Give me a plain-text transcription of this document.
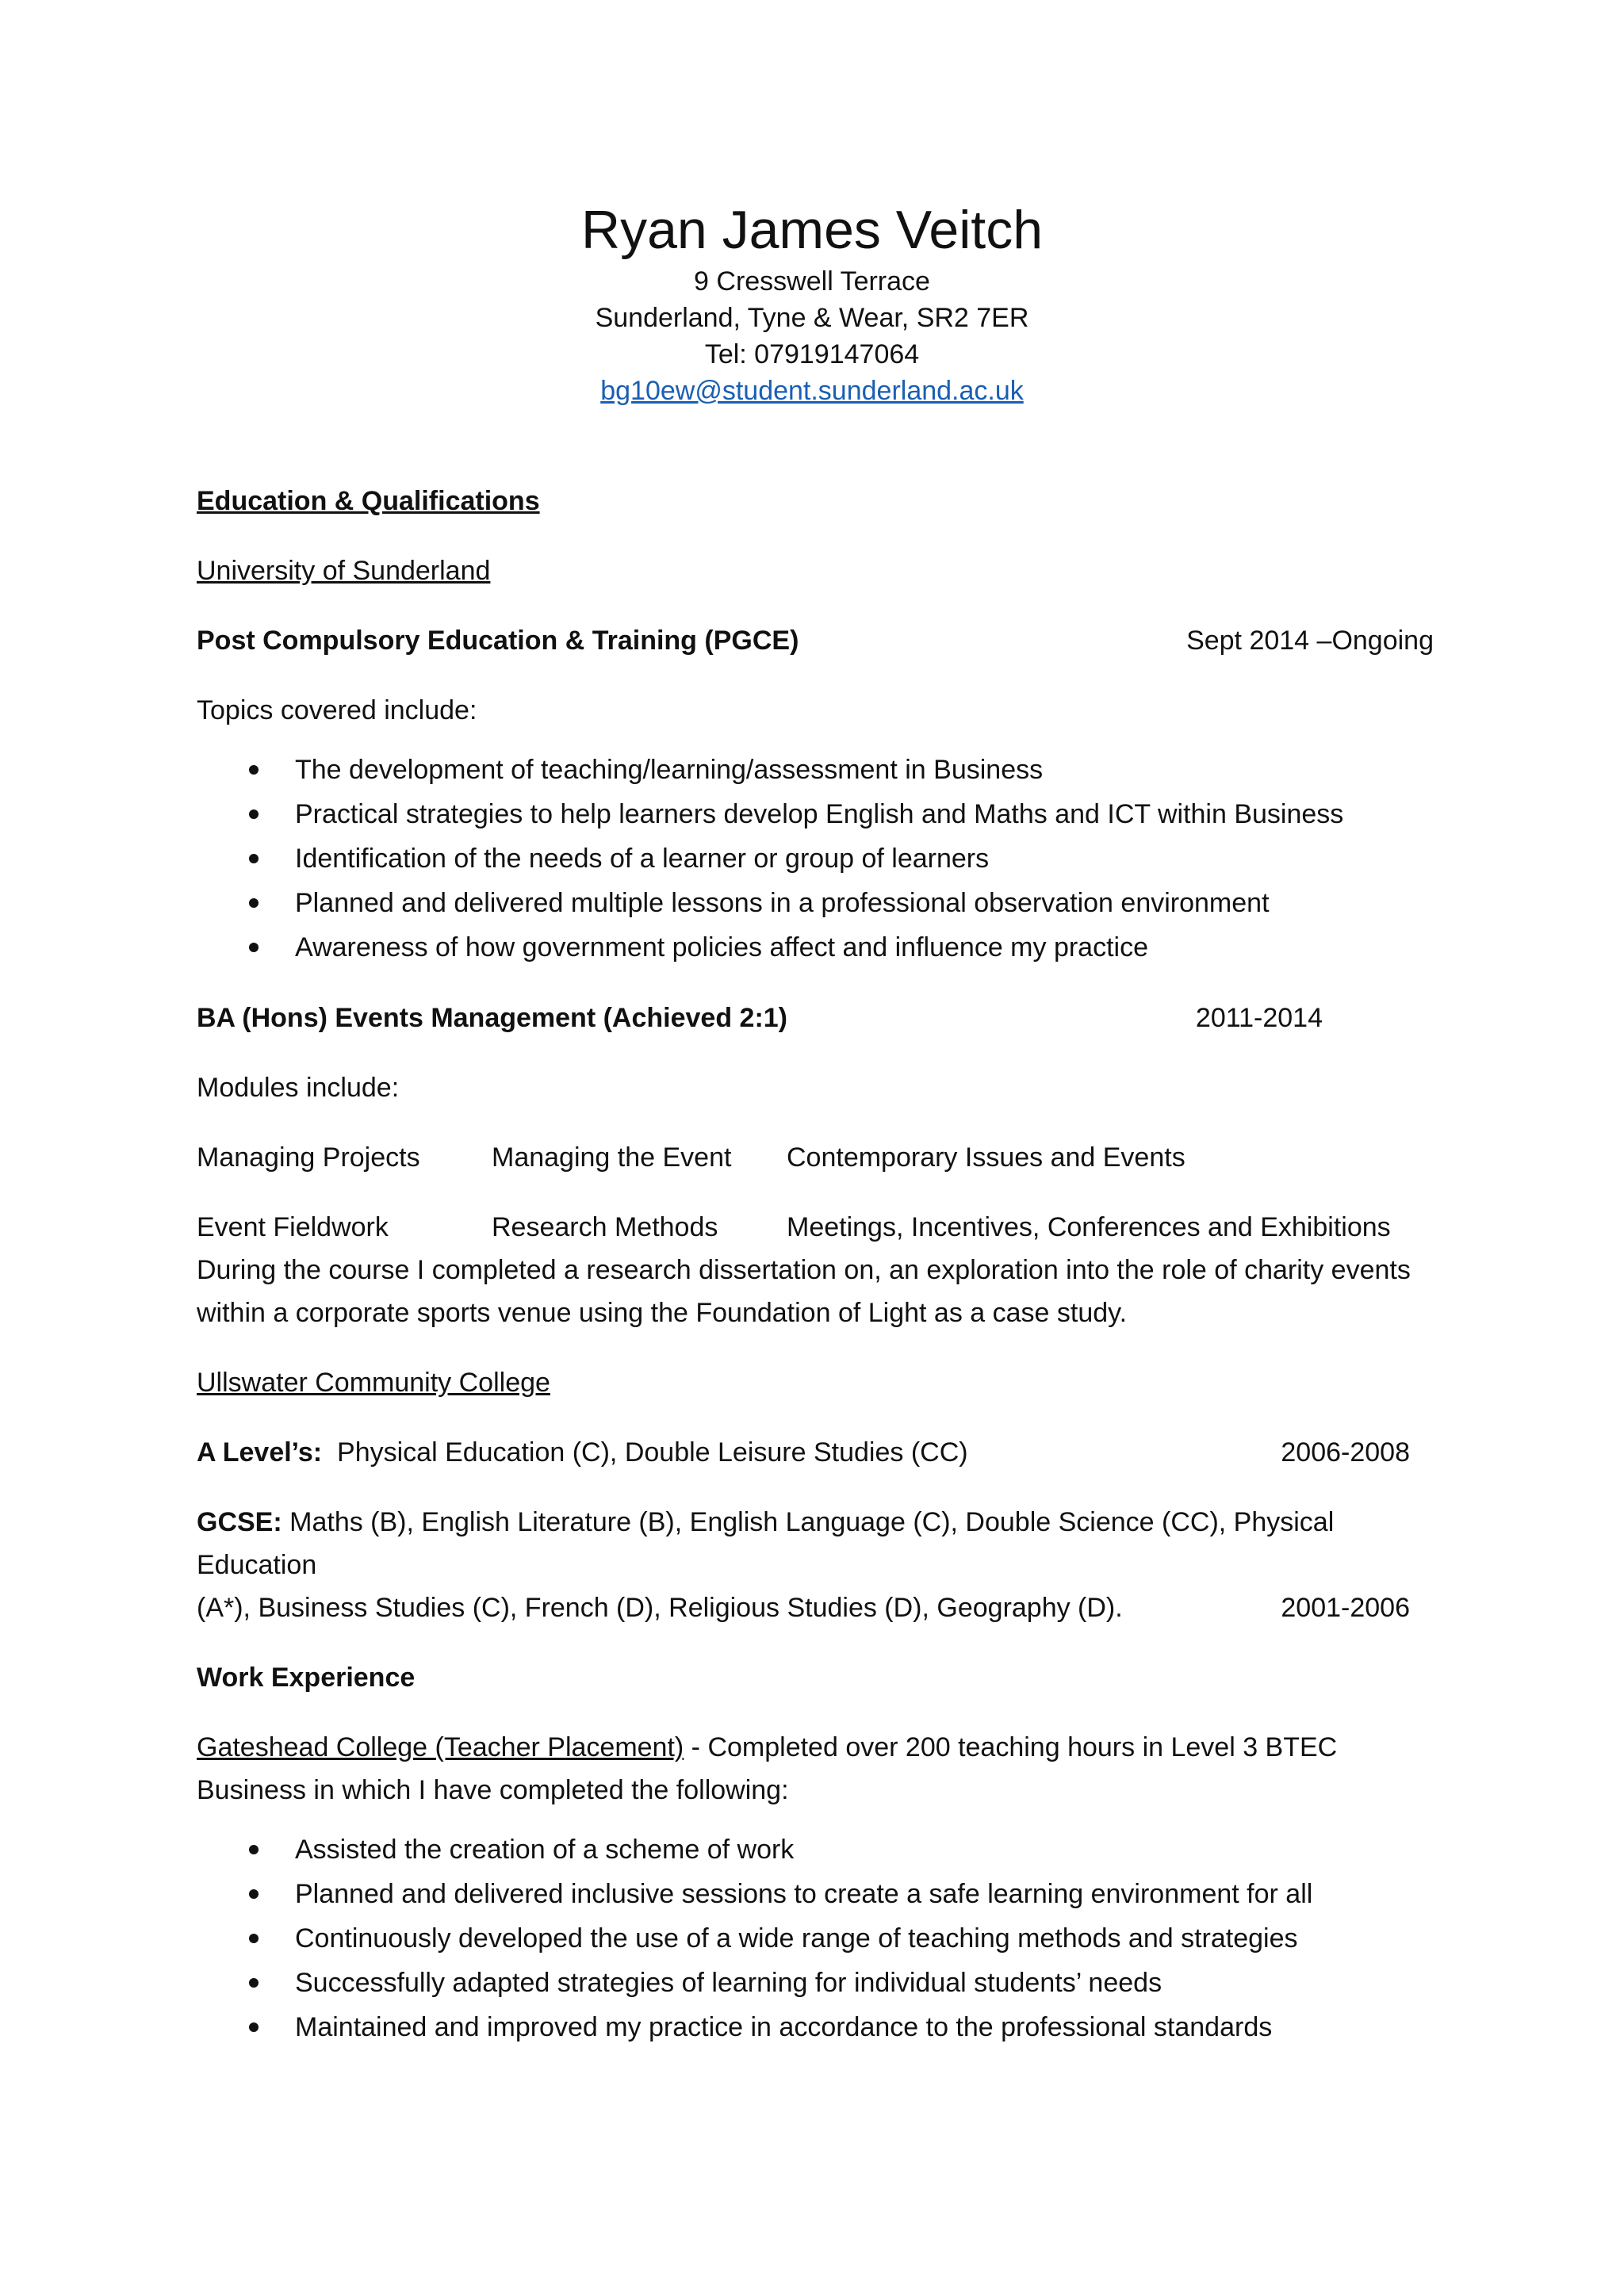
Ryan James Veitch

9 Cresswell Terrace

Sunderland, Tyne & Wear, SR2 7ER

Tel: 07919147064

bg10ew@student.sunderland.ac.uk

Education & Qualifications

University of Sunderland

Post Compulsory Education & Training (PGCE)	Sept 2014 –Ongoing

Topics covered include:

The development of teaching/learning/assessment in Business
Practical strategies to help learners develop English and Maths and ICT within Business
Identification of the needs of a learner or group of learners
Planned and delivered multiple lessons in a professional observation environment
Awareness of how government policies affect and influence my practice
BA (Hons) Events Management (Achieved 2:1)	2011-2014

Modules include:

Managing Projects	Managing the Event	Contemporary Issues and Events
Event Fieldwork	Research Methods	Meetings, Incentives, Conferences and Exhibitions

During the course I completed a research dissertation on, an exploration into the role of charity events within a corporate sports venue using the Foundation of Light as a case study.

Ullswater Community College

A Level’s: Physical Education (C), Double Leisure Studies (CC)	2006-2008

GCSE: Maths (B), English Literature (B), English Language (C), Double Science (CC), Physical Education

(A*), Business Studies (C), French (D), Religious Studies (D), Geography (D).	2001-2006

Work Experience

Gateshead College (Teacher Placement) - Completed over 200 teaching hours in Level 3 BTEC

Business in which I have completed the following:

Assisted the creation of a scheme of work
Planned and delivered inclusive sessions to create a safe learning environment for all
Continuously developed the use of a wide range of teaching methods and strategies
Successfully adapted strategies of learning for individual students’ needs
Maintained and improved my practice in accordance to the professional standards
